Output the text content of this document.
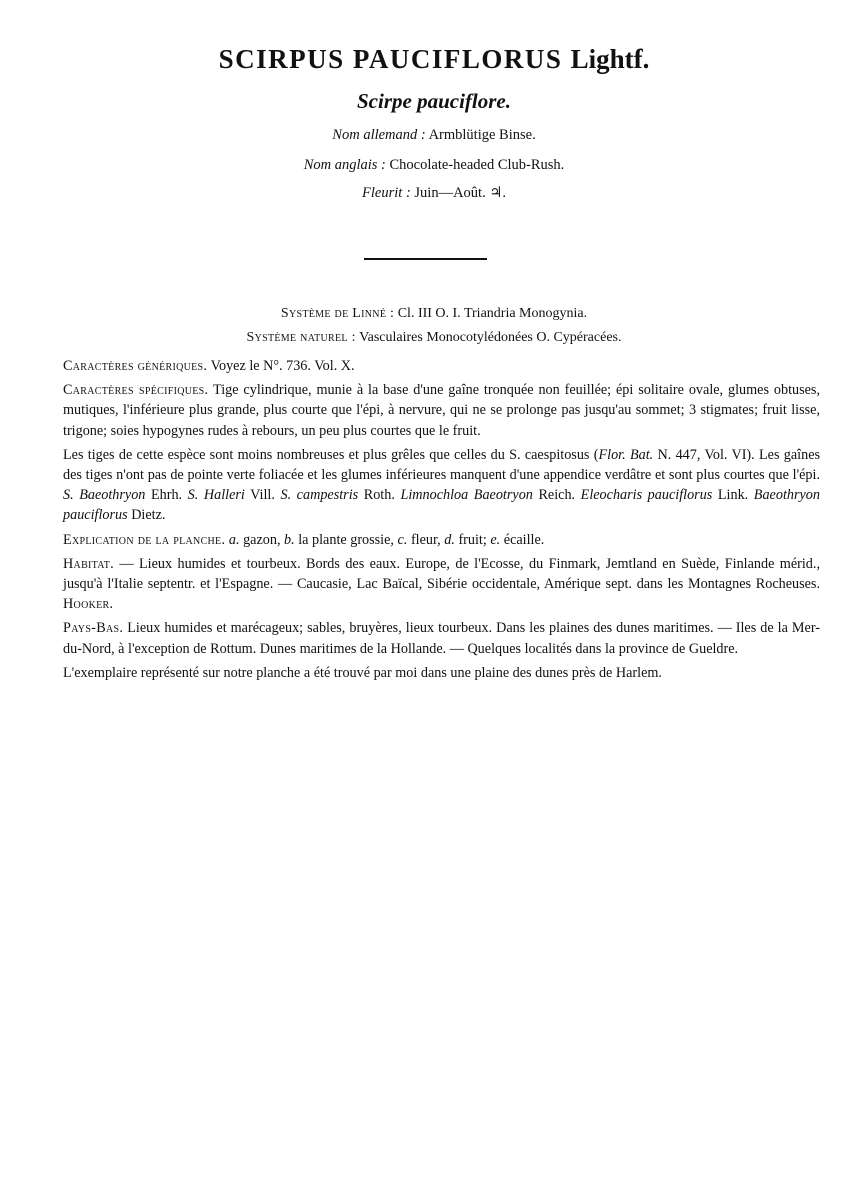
SCIRPUS PAUCIFLORUS Lightf.
Scirpe pauciflore.
Nom allemand : Armblütige Binse.
Nom anglais : Chocolate-headed Club-Rush.
Fleurit : Juin—Août. ♃.
Système de Linné : Cl. III O. I. Triandria Monogynia.
Système naturel : Vasculaires Monocotylédonées O. Cypéracées.

Caractères génériques. Voyez le N°. 736. Vol. X.

Caractères spécifiques. Tige cylindrique, munie à la base d'une gaîne tronquée non feuillée; épi solitaire ovale, glumes obtuses, mutiques, l'inférieure plus grande, plus courte que l'épi, à nervure, qui ne se prolonge pas jusqu'au sommet; 3 stigmates; fruit lisse, trigone; soies hypogynes rudes à rebours, un peu plus courtes que le fruit.

Les tiges de cette espèce sont moins nombreuses et plus grêles que celles du S. caespitosus (Flor. Bat. N. 447, Vol. VI). Les gaînes des tiges n'ont pas de pointe verte foliacée et les glumes inférieures manquent d'une appendice verdâtre et sont plus courtes que l'épi. S. Baeothryon Ehrh. S. Halleri Vill. S. campestris Roth. Limnochloa Baeotryon Reich. Eleocharis pauciflorus Link. Baeothryon pauciflorus Dietz.

Explication de la planche. a. gazon, b. la plante grossie, c. fleur, d. fruit; e. écaille.

Habitat. — Lieux humides et tourbeux. Bords des eaux. Europe, de l'Ecosse, du Finmark, Jemtland en Suède, Finlande mérid., jusqu'à l'Italie septentr. et l'Espagne. — Caucasie, Lac Baïcal, Sibérie occidentale, Amérique sept. dans les Montagnes Rocheuses. Hooker.

Pays-Bas. Lieux humides et marécageux; sables, bruyères, lieux tourbeux. Dans les plaines des dunes maritimes. — Iles de la Mer-du-Nord, à l'exception de Rottum. Dunes maritimes de la Hollande. — Quelques localités dans la province de Gueldre.

L'exemplaire représenté sur notre planche a été trouvé par moi dans une plaine des dunes près de Harlem.
